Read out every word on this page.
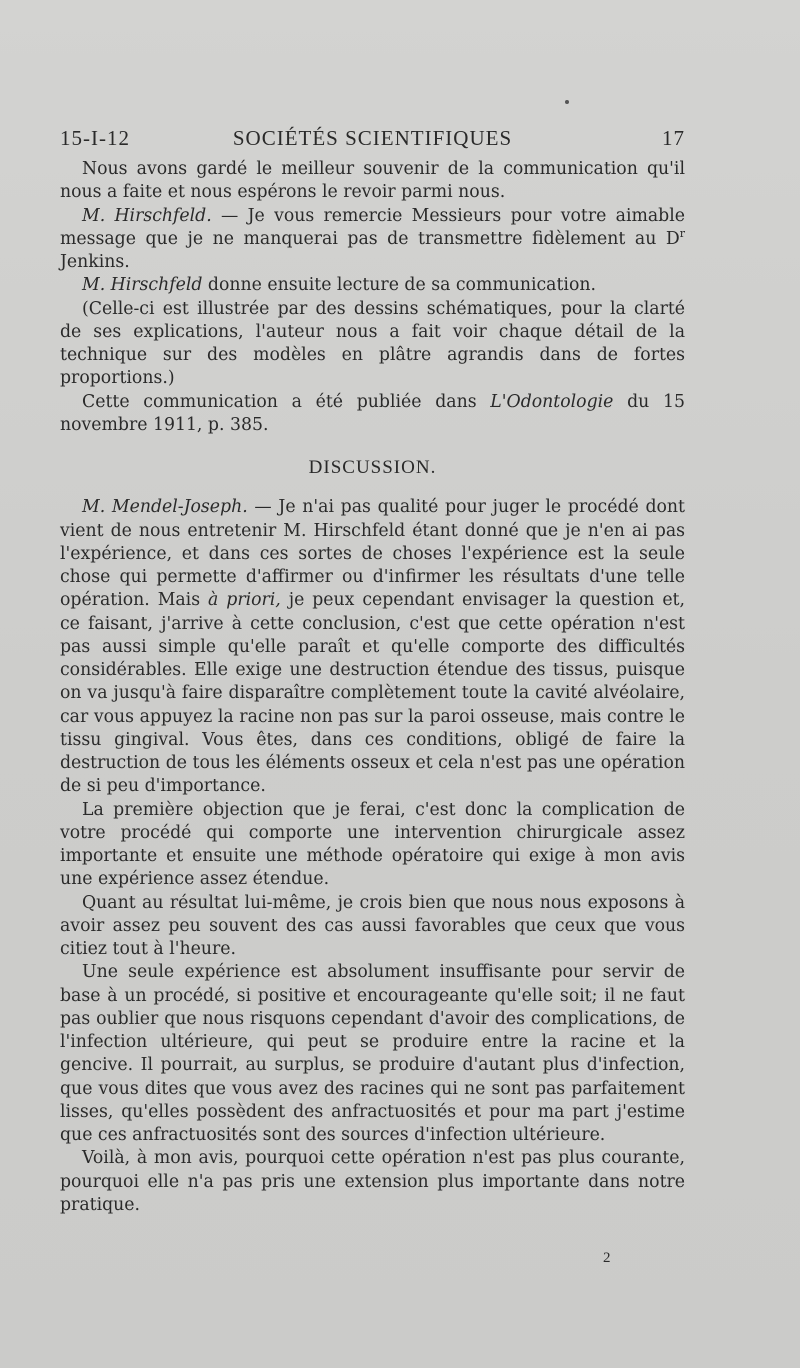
15-I-12	SOCIÉTÉS SCIENTIFIQUES	17

Nous avons gardé le meilleur souvenir de la communication qu'il nous a faite et nous espérons le revoir parmi nous.

M. Hirschfeld. — Je vous remercie Messieurs pour votre aimable message que je ne manquerai pas de transmettre fidèlement au $D^r$ Jenkins.

M. Hirschfeld donne ensuite lecture de sa communication.

(Celle-ci est illustrée par des dessins schématiques, pour la clarté de ses explications, l'auteur nous a fait voir chaque détail de la technique sur des modèles en plâtre agrandis dans de fortes proportions.)

Cette communication a été publiée dans L'Odontologie du 15 novembre 1911, p. 385.

DISCUSSION.

M. Mendel-Joseph. — Je n'ai pas qualité pour juger le procédé dont vient de nous entretenir M. Hirschfeld étant donné que je n'en ai pas l'expérience, et dans ces sortes de choses l'expérience est la seule chose qui permette d'affirmer ou d'infirmer les résultats d'une telle opération. Mais à priori, je peux cependant envisager la question et, ce faisant, j'arrive à cette conclusion, c'est que cette opération n'est pas aussi simple qu'elle paraît et qu'elle comporte des difficultés considérables. Elle exige une destruction étendue des tissus, puisque on va jusqu'à faire disparaître complètement toute la cavité alvéolaire, car vous appuyez la racine non pas sur la paroi osseuse, mais contre le tissu gingival. Vous êtes, dans ces conditions, obligé de faire la destruction de tous les éléments osseux et cela n'est pas une opération de si peu d'importance.

La première objection que je ferai, c'est donc la complication de votre procédé qui comporte une intervention chirurgicale assez importante et ensuite une méthode opératoire qui exige à mon avis une expérience assez étendue.

Quant au résultat lui-même, je crois bien que nous nous exposons à avoir assez peu souvent des cas aussi favorables que ceux que vous citiez tout à l'heure.

Une seule expérience est absolument insuffisante pour servir de base à un procédé, si positive et encourageante qu'elle soit; il ne faut pas oublier que nous risquons cependant d'avoir des complications, de l'infection ultérieure, qui peut se produire entre la racine et la gencive. Il pourrait, au surplus, se produire d'autant plus d'infection, que vous dites que vous avez des racines qui ne sont pas parfaitement lisses, qu'elles possèdent des anfractuosités et pour ma part j'estime que ces anfractuosités sont des sources d'infection ultérieure.

Voilà, à mon avis, pourquoi cette opération n'est pas plus courante, pourquoi elle n'a pas pris une extension plus importante dans notre pratique.

2
